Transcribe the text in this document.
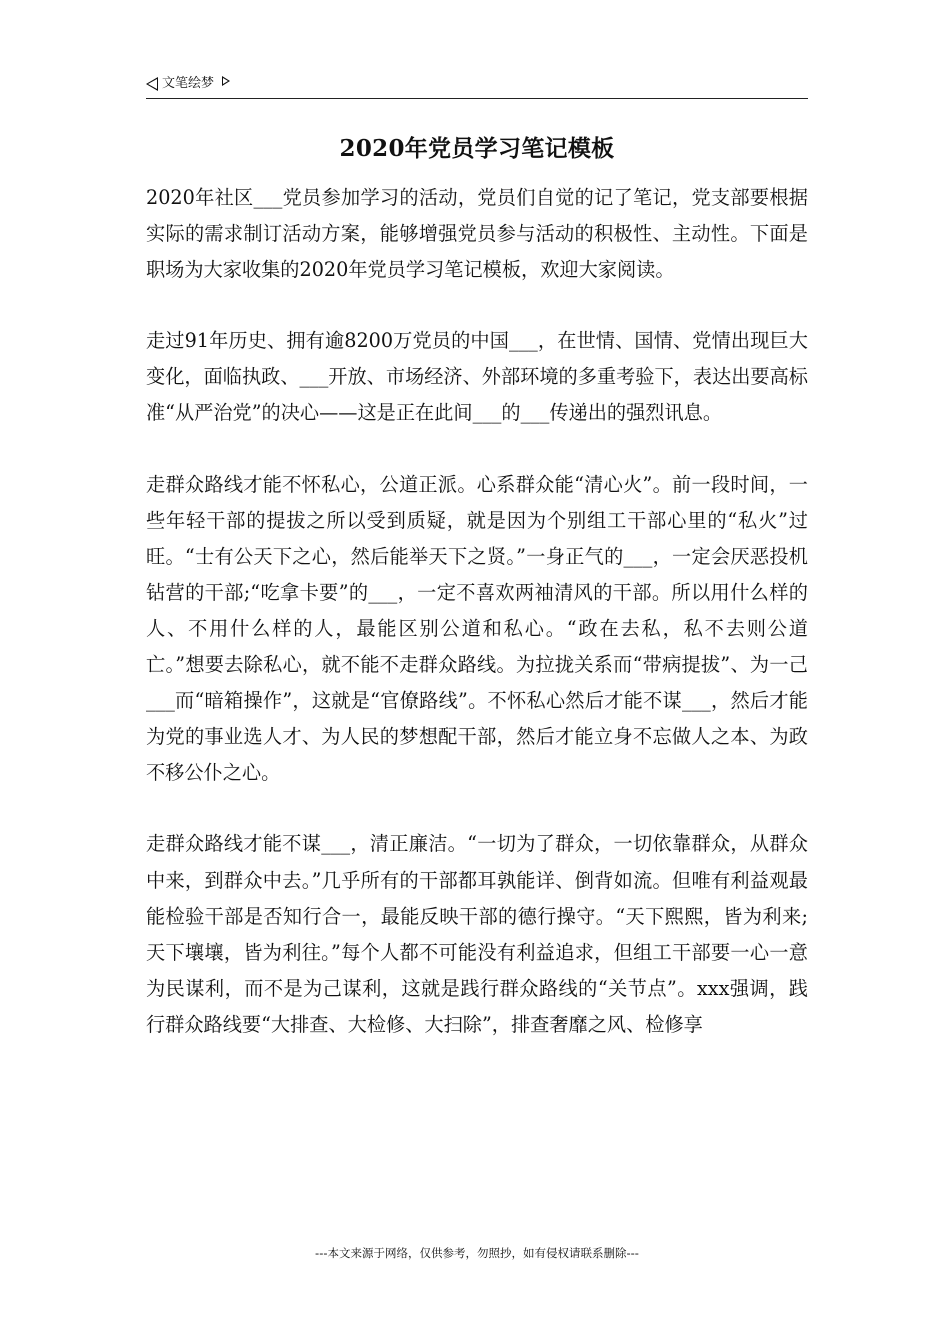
文笔绘梦
2020年党员学习笔记模板

2020年社区___党员参加学习的活动，党员们自觉的记了笔记，党支部要根据实际的需求制订活动方案，能够增强党员参与活动的积极性、主动性。下面是职场为大家收集的2020年党员学习笔记模板，欢迎大家阅读。

走过91年历史、拥有逾8200万党员的中国___，在世情、国情、党情出现巨大变化，面临执政、___开放、市场经济、外部环境的多重考验下，表达出要高标准“从严治党”的决心——这是正在此间___的___传递出的强烈讯息。

走群众路线才能不怀私心，公道正派。心系群众能“清心火”。前一段时间，一些年轻干部的提拔之所以受到质疑，就是因为个别组工干部心里的“私火”过旺。“士有公天下之心，然后能举天下之贤。”一身正气的___，一定会厌恶投机钻营的干部;“吃拿卡要”的___，一定不喜欢两袖清风的干部。所以用什么样的人、不用什么样的人，最能区别公道和私心。“政在去私，私不去则公道亡。”想要去除私心，就不能不走群众路线。为拉拢关系而“带病提拔”、为一己___而“暗箱操作”，这就是“官僚路线”。不怀私心然后才能不谋___，然后才能为党的事业选人才、为人民的梦想配干部，然后才能立身不忘做人之本、为政不移公仆之心。

走群众路线才能不谋___，清正廉洁。“一切为了群众，一切依靠群众，从群众中来，到群众中去。”几乎所有的干部都耳孰能详、倒背如流。但唯有利益观最能检验干部是否知行合一，最能反映干部的德行操守。“天下熙熙，皆为利来;天下壤壤，皆为利往。”每个人都不可能没有利益追求，但组工干部要一心一意为民谋利，而不是为己谋利，这就是践行群众路线的“关节点”。xxx强调，践行群众路线要“大排查、大检修、大扫除”，排查奢靡之风、检修享

---本文来源于网络，仅供参考，勿照抄，如有侵权请联系删除---
